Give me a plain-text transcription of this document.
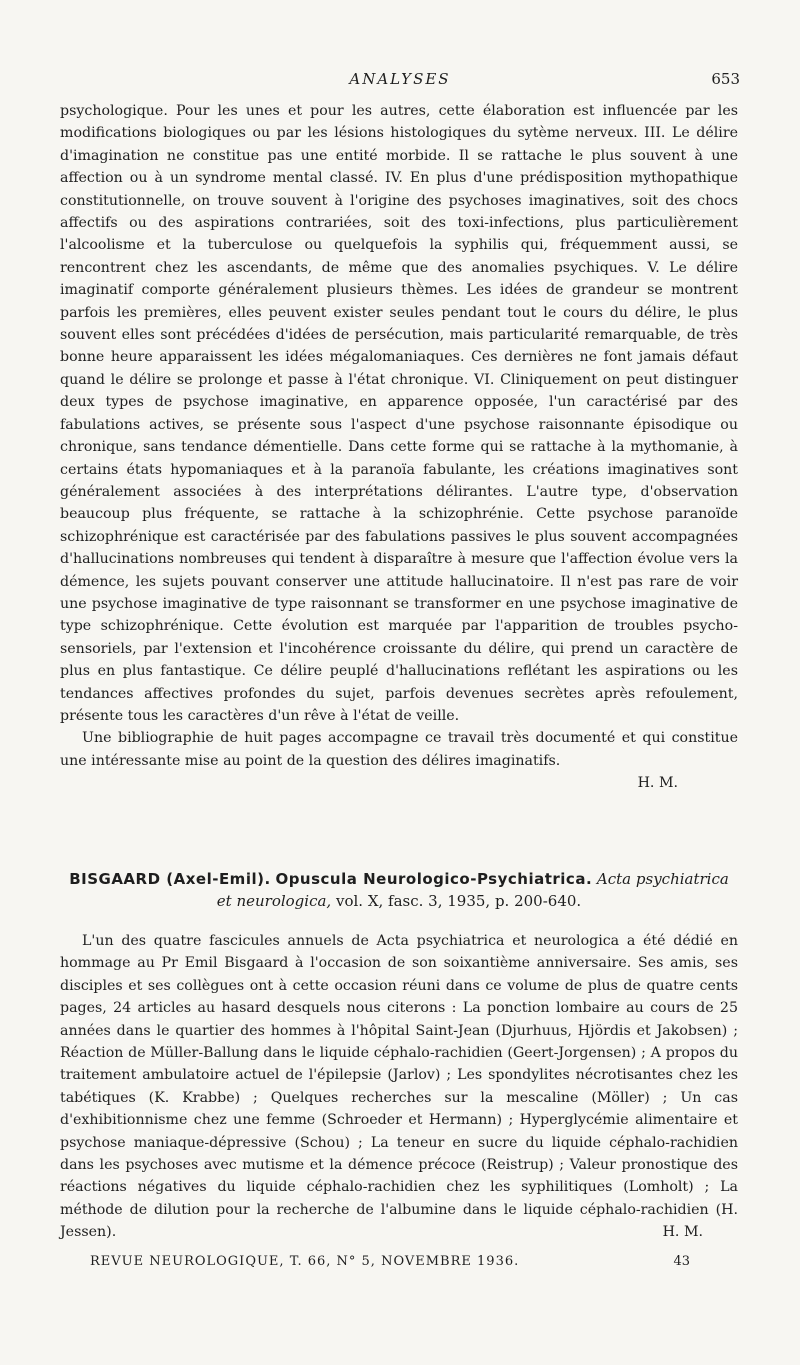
ANALYSES	653

psychologique. Pour les unes et pour les autres, cette élaboration est influencée par les modifications biologiques ou par les lésions histologiques du sytème nerveux. III. Le délire d'imagination ne constitue pas une entité morbide. Il se rattache le plus souvent à une affection ou à un syndrome mental classé. IV. En plus d'une prédisposition mythopathique constitutionnelle, on trouve souvent à l'origine des psychoses imaginatives, soit des chocs affectifs ou des aspirations contrariées, soit des toxi-infections, plus particulièrement l'alcoolisme et la tuberculose ou quelquefois la syphilis qui, fréquemment aussi, se rencontrent chez les ascendants, de même que des anomalies psychiques. V. Le délire imaginatif comporte généralement plusieurs thèmes. Les idées de grandeur se montrent parfois les premières, elles peuvent exister seules pendant tout le cours du délire, le plus souvent elles sont précédées d'idées de persécution, mais particularité remarquable, de très bonne heure apparaissent les idées mégalomaniaques. Ces dernières ne font jamais défaut quand le délire se prolonge et passe à l'état chronique. VI. Cliniquement on peut distinguer deux types de psychose imaginative, en apparence opposée, l'un caractérisé par des fabulations actives, se présente sous l'aspect d'une psychose raisonnante épisodique ou chronique, sans tendance démentielle. Dans cette forme qui se rattache à la mythomanie, à certains états hypomaniaques et à la paranoïa fabulante, les créations imaginatives sont généralement associées à des interprétations délirantes. L'autre type, d'observation beaucoup plus fréquente, se rattache à la schizophrénie. Cette psychose paranoïde schizophrénique est caractérisée par des fabulations passives le plus souvent accompagnées d'hallucinations nombreuses qui tendent à disparaître à mesure que l'affection évolue vers la démence, les sujets pouvant conserver une attitude hallucinatoire. Il n'est pas rare de voir une psychose imaginative de type raisonnant se transformer en une psychose imaginative de type schizophrénique. Cette évolution est marquée par l'apparition de troubles psycho-sensoriels, par l'extension et l'incohérence croissante du délire, qui prend un caractère de plus en plus fantastique. Ce délire peuplé d'hallucinations reflétant les aspirations ou les tendances affectives profondes du sujet, parfois devenues secrètes après refoulement, présente tous les caractères d'un rêve à l'état de veille.

Une bibliographie de huit pages accompagne ce travail très documenté et qui constitue une intéressante mise au point de la question des délires imaginatifs.

H. M.

BISGAARD (Axel-Emil). Opuscula Neurologico-Psychiatrica. Acta psychiatrica et neurologica, vol. X, fasc. 3, 1935, p. 200-640.

L'un des quatre fascicules annuels de Acta psychiatrica et neurologica a été dédié en hommage au Pr Emil Bisgaard à l'occasion de son soixantième anniversaire. Ses amis, ses disciples et ses collègues ont à cette occasion réuni dans ce volume de plus de quatre cents pages, 24 articles au hasard desquels nous citerons : La ponction lombaire au cours de 25 années dans le quartier des hommes à l'hôpital Saint-Jean (Djurhuus, Hjördis et Jakobsen) ; Réaction de Müller-Ballung dans le liquide céphalo-rachidien (Geert-Jorgensen) ; A propos du traitement ambulatoire actuel de l'épilepsie (Jarlov) ; Les spondylites nécrotisantes chez les tabétiques (K. Krabbe) ; Quelques recherches sur la mescaline (Möller) ; Un cas d'exhibitionnisme chez une femme (Schroeder et Hermann) ; Hyperglycémie alimentaire et psychose maniaque-dépressive (Schou) ; La teneur en sucre du liquide céphalo-rachidien dans les psychoses avec mutisme et la démence précoce (Reistrup) ; Valeur pronostique des réactions négatives du liquide céphalo-rachidien chez les syphilitiques (Lomholt) ; La méthode de dilution pour la recherche de l'albumine dans le liquide céphalo-rachidien (H. Jessen).	H. M.

REVUE NEUROLOGIQUE, T. 66, N° 5, NOVEMBRE 1936.	43
